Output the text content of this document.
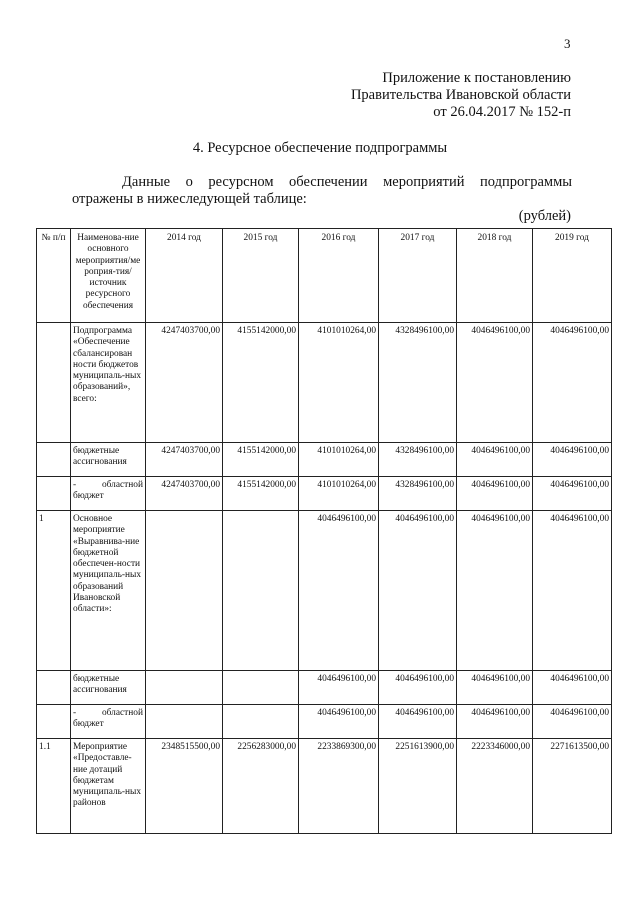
3
Приложение к постановлению
Правительства Ивановской области
от 26.04.2017 № 152-п
4. Ресурсное обеспечение подпрограммы
Данные о ресурсном обеспечении мероприятий подпрограммы
отражены в нижеследующей таблице:
(рублей)
№ п/п	Наименова-ние основного мероприятия/ме роприя-тия/источник ресурсного обеспечения	2014 год	2015 год	2016 год	2017 год	2018 год	2019 год
	Подпрограмма «Обеспечение сбалансирован ности бюджетов муниципаль-ных образований», всего:	4247403700,00	4155142000,00	4101010264,00	4328496100,00	4046496100,00	4046496100,00
	бюджетные ассигнования	4247403700,00	4155142000,00	4101010264,00	4328496100,00	4046496100,00	4046496100,00
	- областной бюджет	4247403700,00	4155142000,00	4101010264,00	4328496100,00	4046496100,00	4046496100,00
1	Основное мероприятие «Выравнива-ние бюджетной обеспечен-ности муниципаль-ных образований Ивановской области»:			4046496100,00	4046496100,00	4046496100,00	4046496100,00
	бюджетные ассигнования			4046496100,00	4046496100,00	4046496100,00	4046496100,00
	- областной бюджет			4046496100,00	4046496100,00	4046496100,00	4046496100,00
1.1	Мероприятие «Предоставле-ние дотаций бюджетам муниципаль-ных районов	2348515500,00	2256283000,00	2233869300,00	2251613900,00	2223346000,00	2271613500,00
